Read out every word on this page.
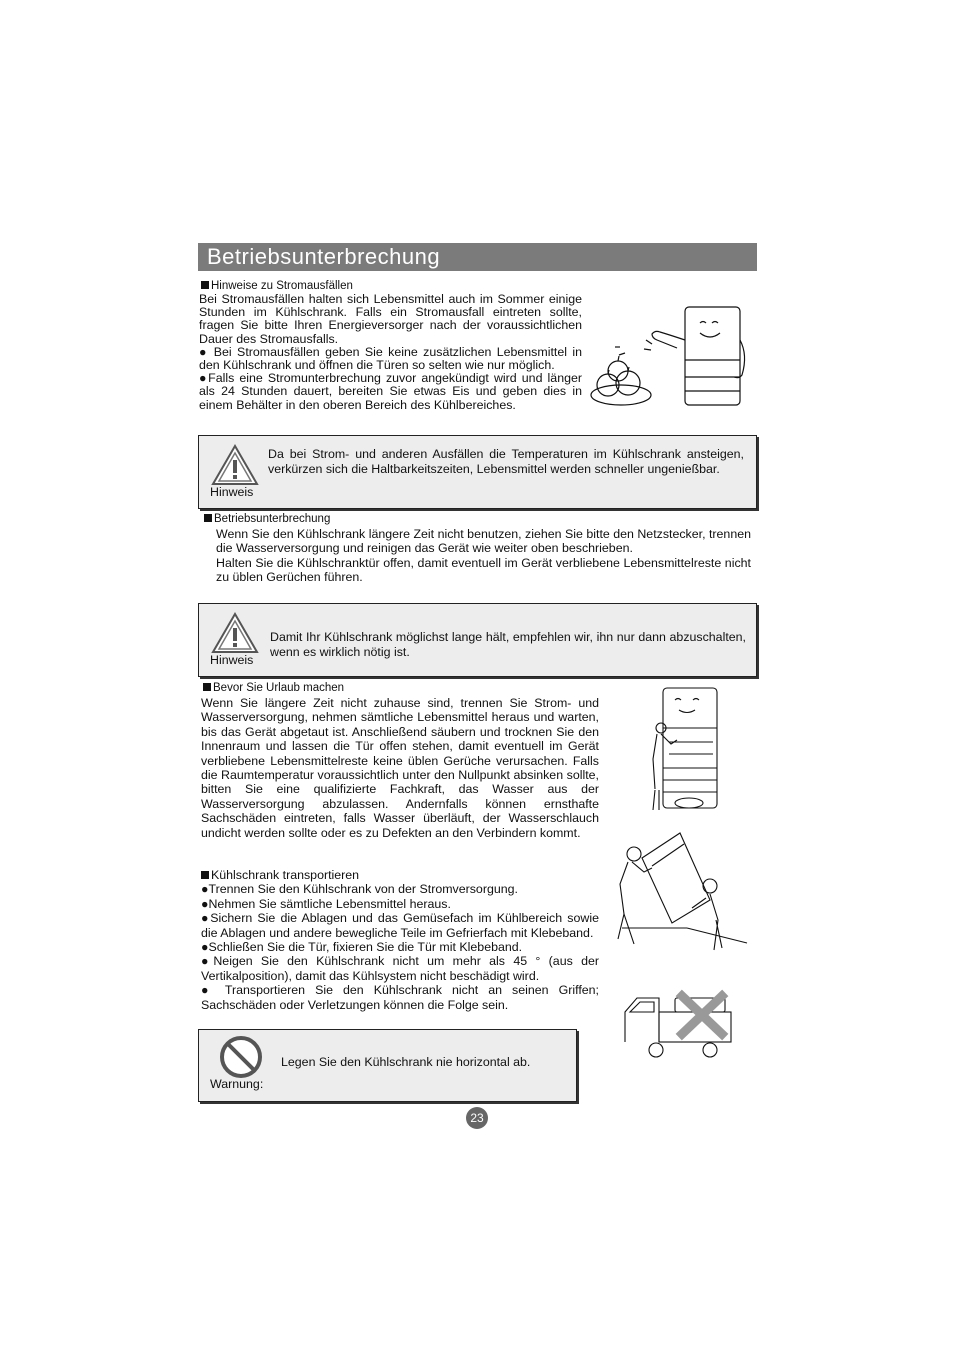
Betriebsunterbrechung
Hinweise zu Stromausfällen

Bei Stromausfällen halten sich Lebensmittel auch im Sommer einige Stunden im Kühlschrank. Falls ein Stromausfall eintreten sollte, fragen Sie bitte Ihren Energieversorger nach der voraussichtlichen Dauer des Stromausfalls.

● Bei Stromausfällen geben Sie keine zusätzlichen Lebensmittel in den Kühlschrank und öffnen die Türen so selten wie nur möglich.

●Falls eine Stromunterbrechung zuvor angekündigt wird und länger als 24 Stunden dauert, bereiten Sie etwas Eis und geben dies in einem Behälter in den oberen Bereich des Kühlbereiches.

Hinweis
Da bei Strom- und anderen Ausfällen die Temperaturen im Kühlschrank ansteigen, verkürzen sich die Haltbarkeitszeiten, Lebensmittel werden schneller ungenießbar.
Betriebsunterbrechung

Wenn Sie den Kühlschrank längere Zeit nicht benutzen, ziehen Sie bitte den Netzstecker, trennen die Wasserversorgung und reinigen das Gerät wie weiter oben beschrieben.

Halten Sie die Kühlschranktür offen, damit eventuell im Gerät verbliebene Lebensmittelreste nicht zu üblen Gerüchen führen.

Hinweis
Damit Ihr Kühlschrank möglichst lange hält, empfehlen wir, ihn nur dann abzuschalten, wenn es wirklich nötig ist.
Bevor Sie Urlaub machen

Wenn Sie längere Zeit nicht zuhause sind, trennen Sie Strom- und Wasserversorgung, nehmen sämtliche Lebensmittel heraus und warten, bis das Gerät abgetaut ist. Anschließend säubern und trocknen Sie den Innenraum und lassen die Tür offen stehen, damit eventuell im Gerät verbliebene Lebensmittelreste keine üblen Gerüche verursachen. Falls die Raumtemperatur voraussichtlich unter den Nullpunkt absinken sollte, bitten Sie eine qualifizierte Fachkraft, das Wasser aus der Wasserversorgung abzulassen. Andernfalls können ernsthafte Sachschäden eintreten, falls Wasser überläuft, der Wasserschlauch undicht werden sollte oder es zu Defekten an den Verbindern kommt.

Kühlschrank transportieren

●Trennen Sie den Kühlschrank von der Stromversorgung.

●Nehmen Sie sämtliche Lebensmittel heraus.

●Sichern Sie die Ablagen und das Gemüsefach im Kühlbereich sowie die Ablagen und andere bewegliche Teile im Gefrierfach mit Klebeband.

●Schließen Sie die Tür, fixieren Sie die Tür mit Klebeband.

●Neigen Sie den Kühlschrank nicht um mehr als 45 ° (aus der Vertikalposition), damit das Kühlsystem nicht beschädigt wird.

● Transportieren Sie den Kühlschrank nicht an seinen Griffen; Sachschäden oder Verletzungen können die Folge sein.

Warnung:
Legen Sie den Kühlschrank nie horizontal ab.
23
